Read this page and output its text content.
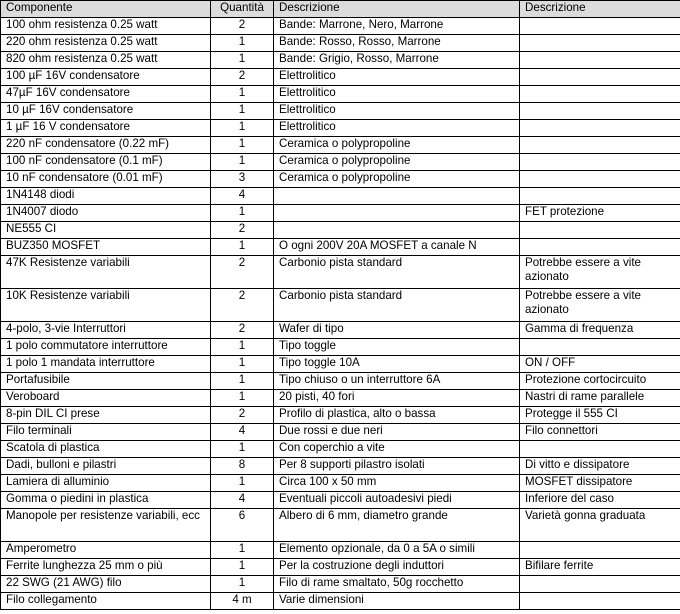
Componente	Quantità	Descrizione	Descrizione
100 ohm resistenza 0.25 watt	2	Bande: Marrone, Nero, Marrone	
220 ohm resistenza 0.25 watt	1	Bande: Rosso, Rosso, Marrone	
820 ohm resistenza 0.25 watt	1	Bande: Grigio, Rosso, Marrone	
100 µF 16V condensatore	2	Elettrolitico	
47µF 16V condensatore	1	Elettrolitico	
10 µF 16V condensatore	1	Elettrolitico	
1 µF 16 V condensatore	1	Elettrolitico	
220 nF condensatore (0.22 mF)	1	Ceramica o polypropoline	
100 nF condensatore (0.1 mF)	1	Ceramica o polypropoline	
10 nF condensatore (0.01 mF)	3	Ceramica o polypropoline	
1N4148 diodi	4		
1N4007 diodo	1		FET protezione
NE555 CI	2		
BUZ350 MOSFET	1	O ogni 200V 20A MOSFET a canale N	
47K Resistenze variabili	2	Carbonio pista standard	Potrebbe essere a vite azionato
10K Resistenze variabili	2	Carbonio pista standard	Potrebbe essere a vite azionato
4-polo, 3-vie Interruttori	2	Wafer di tipo	Gamma di frequenza
1 polo commutatore interruttore	1	Tipo toggle	
1 polo 1 mandata interruttore	1	Tipo toggle 10A	ON / OFF
Portafusibile	1	Tipo chiuso o un interruttore 6A	Protezione cortocircuito
Veroboard	1	20 pisti, 40 fori	Nastri di rame parallele
8-pin DIL CI prese	2	Profilo di plastica, alto o bassa	Protegge il 555 CI
Filo terminali	4	Due rossi e due neri	Filo connettori
Scatola di plastica	1	Con coperchio a vite	
Dadi, bulloni e pilastri	8	Per 8 supporti pilastro isolati	Di vitto e dissipatore
Lamiera di alluminio	1	Circa 100 x 50 mm	MOSFET dissipatore
Gomma o piedini in plastica	4	Eventuali piccoli autoadesivi piedi	Inferiore del caso
Manopole per resistenze variabili, ecc	6	Albero di 6 mm, diametro grande	Varietà gonna graduata
Amperometro	1	Elemento opzionale, da 0 a 5A o simili	
Ferrite lunghezza 25 mm o più	1	Per la costruzione degli induttori	Bifilare ferrite
22 SWG (21 AWG) filo	1	Filo di rame smaltato, 50g rocchetto	
Filo collegamento	4 m	Varie dimensioni	
